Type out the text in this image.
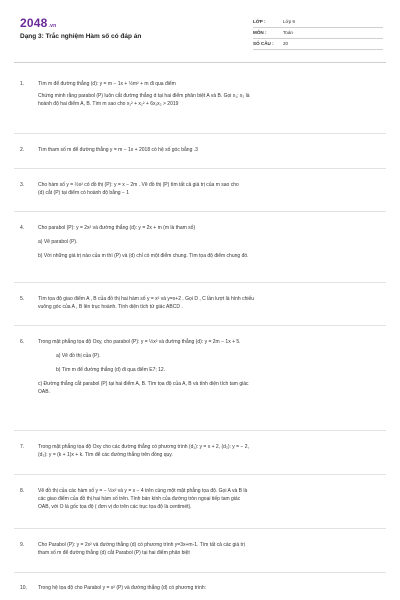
2048.vn
Dạng 3: Trắc nghiệm Hàm số có đáp án
LỚP :	Lớp 9
MÔN :	Toán
SỐ CÂU :	20
1.	Tìm m để đường thẳng (d): y = m − 1x + ½m² + m đi qua điểm

Chứng minh rằng parabol (P) luôn cắt đường thẳng d tại hai điểm phân biệt A và B. Gọi x₁; x₂ là

hoành độ hai điểm A, B. Tìm m sao cho x₁² + x₂² + 6x₁x₂ > 2019

2.	Tìm tham số m để đường thẳng y = m − 1x + 2018 có hệ số góc bằng .3

3.	Cho hàm số y = ½x² có đồ thị (P): y = x − 2m . Vẽ đồ thị (P) tìm tất cả giá trị của m sao cho

(d) cắt (P) tại điểm có hoành độ bằng − 1

4.	Cho parabol (P): y = 2x² và đường thẳng (d): y = 2x + m (m là tham số)

a) Vẽ parabol (P).

b) Với những giá trị nào của m thì (P) và (d) chỉ có một điểm chung. Tìm tọa độ điểm chung đó.

5.	Tìm tọa độ giao điểm A , B của đồ thị hai hàm số y = x² và y=x+2 . Gọi D , C lần lượt là hình chiếu

vuông góc của A , B lên trục hoành. Tính diện tích tứ giác ABCD .

6.	Trong mặt phẳng tọa độ Oxy, cho parabol (P): y = ½x² và đường thẳng (d): y = 2m − 1x + 5.

a) Vẽ đồ thị của (P).

b) Tìm m để đường thẳng (d) đi qua điểm E7; 12.

c) Đường thẳng cắt parabol (P) tại hai điểm A, B. Tìm tọa độ của A, B và tính diện tích tam giác

OAB.

7.	Trong mặt phẳng tọa độ Oxy cho các đường thẳng có phương trình (d₁): y = x + 2, (d₂): y = − 2,

(d₃): y = (k + 1)x + k. Tìm để các đường thẳng trên đồng quy.

8.	Vẽ đồ thị của các hàm số y = − ½x² và y = x − 4 trên cùng một mặt phẳng tọa độ. Gọi A và B là

các giao điểm của đồ thị hai hàm số trên. Tính bán kính của đường tròn ngoại tiếp tam giác

OAB, với O là gốc tọa độ ( đơn vị đo trên các trục tọa độ là centimét).

9.	Cho Parabol (P): y = 2x² và đường thẳng (d) có phương trình y=3x+m-1. Tìm tất cả các giá trị

tham số m để đường thẳng (d) cắt Parabol (P) tại hai điểm phân biệt

10.	Trong hệ tọa độ cho Parabol y = x² (P) và đường thẳng (d) có phương trình:
